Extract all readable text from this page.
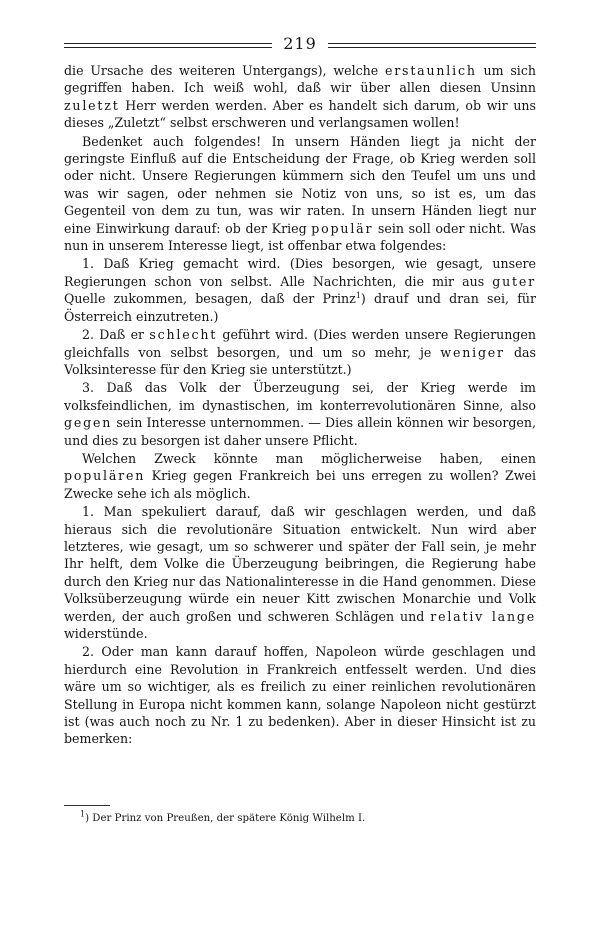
219

die Ursache des weiteren Untergangs), welche erstaunlich um sich gegriffen haben. Ich weiß wohl, daß wir über allen diesen Unsinn zuletzt Herr werden werden. Aber es handelt sich darum, ob wir uns dieses „Zuletzt“ selbst erschweren und verlangsamen wollen!

Bedenket auch folgendes! In unsern Händen liegt ja nicht der geringste Einfluß auf die Entscheidung der Frage, ob Krieg werden soll oder nicht. Unsere Regierungen kümmern sich den Teufel um uns und was wir sagen, oder nehmen sie Notiz von uns, so ist es, um das Gegenteil von dem zu tun, was wir raten. In unsern Händen liegt nur eine Einwirkung darauf: ob der Krieg populär sein soll oder nicht. Was nun in unserem Interesse liegt, ist offenbar etwa folgendes:

1. Daß Krieg gemacht wird. (Dies besorgen, wie gesagt, unsere Regierungen schon von selbst. Alle Nachrichten, die mir aus guter Quelle zukommen, besagen, daß der Prinz$^1$) drauf und dran sei, für Österreich einzutreten.)

2. Daß er schlecht geführt wird. (Dies werden unsere Regierungen gleichfalls von selbst besorgen, und um so mehr, je weniger das Volksinteresse für den Krieg sie unterstützt.)

3. Daß das Volk der Überzeugung sei, der Krieg werde im volksfeindlichen, im dynastischen, im konterrevolutionären Sinne, also gegen sein Interesse unternommen. — Dies allein können wir besorgen, und dies zu besorgen ist daher unsere Pflicht.

Welchen Zweck könnte man möglicherweise haben, einen populären Krieg gegen Frankreich bei uns erregen zu wollen? Zwei Zwecke sehe ich als möglich.

1. Man spekuliert darauf, daß wir geschlagen werden, und daß hieraus sich die revolutionäre Situation entwickelt. Nun wird aber letzteres, wie gesagt, um so schwerer und später der Fall sein, je mehr Ihr helft, dem Volke die Überzeugung beibringen, die Regierung habe durch den Krieg nur das Nationalinteresse in die Hand genommen. Diese Volksüberzeugung würde ein neuer Kitt zwischen Monarchie und Volk werden, der auch großen und schweren Schlägen und relativ lange widerstünde.

2. Oder man kann darauf hoffen, Napoleon würde geschlagen und hierdurch eine Revolution in Frankreich entfesselt werden. Und dies wäre um so wichtiger, als es freilich zu einer reinlichen revolutionären Stellung in Europa nicht kommen kann, solange Napoleon nicht gestürzt ist (was auch noch zu Nr. 1 zu bedenken). Aber in dieser Hinsicht ist zu bemerken:

$^1$) Der Prinz von Preußen, der spätere König Wilhelm I.
